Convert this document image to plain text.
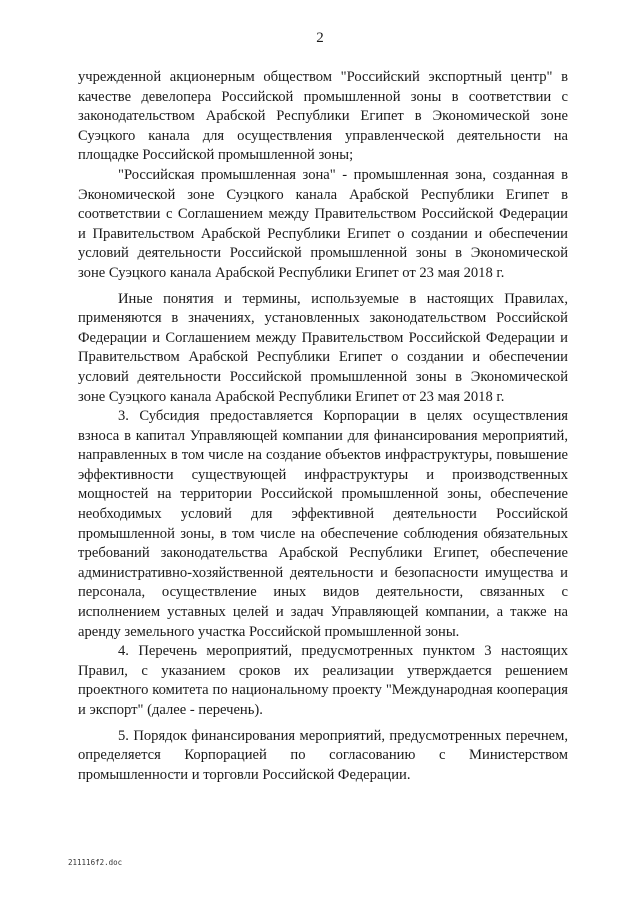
2

учрежденной акционерным обществом "Российский экспортный центр" в качестве девелопера Российской промышленной зоны в соответствии с законодательством Арабской Республики Египет в Экономической зоне Суэцкого канала для осуществления управленческой деятельности на площадке Российской промышленной зоны;

"Российская промышленная зона" - промышленная зона, созданная в Экономической зоне Суэцкого канала Арабской Республики Египет в соответствии с Соглашением между Правительством Российской Федерации и Правительством Арабской Республики Египет о создании и обеспечении условий деятельности Российской промышленной зоны в Экономической зоне Суэцкого канала Арабской Республики Египет от 23 мая 2018 г.

Иные понятия и термины, используемые в настоящих Правилах, применяются в значениях, установленных законодательством Российской Федерации и Соглашением между Правительством Российской Федерации и Правительством Арабской Республики Египет о создании и обеспечении условий деятельности Российской промышленной зоны в Экономической зоне Суэцкого канала Арабской Республики Египет от 23 мая 2018 г.

3. Субсидия предоставляется Корпорации в целях осуществления взноса в капитал Управляющей компании для финансирования мероприятий, направленных в том числе на создание объектов инфраструктуры, повышение эффективности существующей инфраструктуры и производственных мощностей на территории Российской промышленной зоны, обеспечение необходимых условий для эффективной деятельности Российской промышленной зоны, в том числе на обеспечение соблюдения обязательных требований законодательства Арабской Республики Египет, обеспечение административно-хозяйственной деятельности и безопасности имущества и персонала, осуществление иных видов деятельности, связанных с исполнением уставных целей и задач Управляющей компании, а также на аренду земельного участка Российской промышленной зоны.

4. Перечень мероприятий, предусмотренных пунктом 3 настоящих Правил, с указанием сроков их реализации утверждается решением проектного комитета по национальному проекту "Международная кооперация и экспорт" (далее - перечень).

5. Порядок финансирования мероприятий, предусмотренных перечнем, определяется Корпорацией по согласованию с Министерством промышленности и торговли Российской Федерации.

211116f2.doc
